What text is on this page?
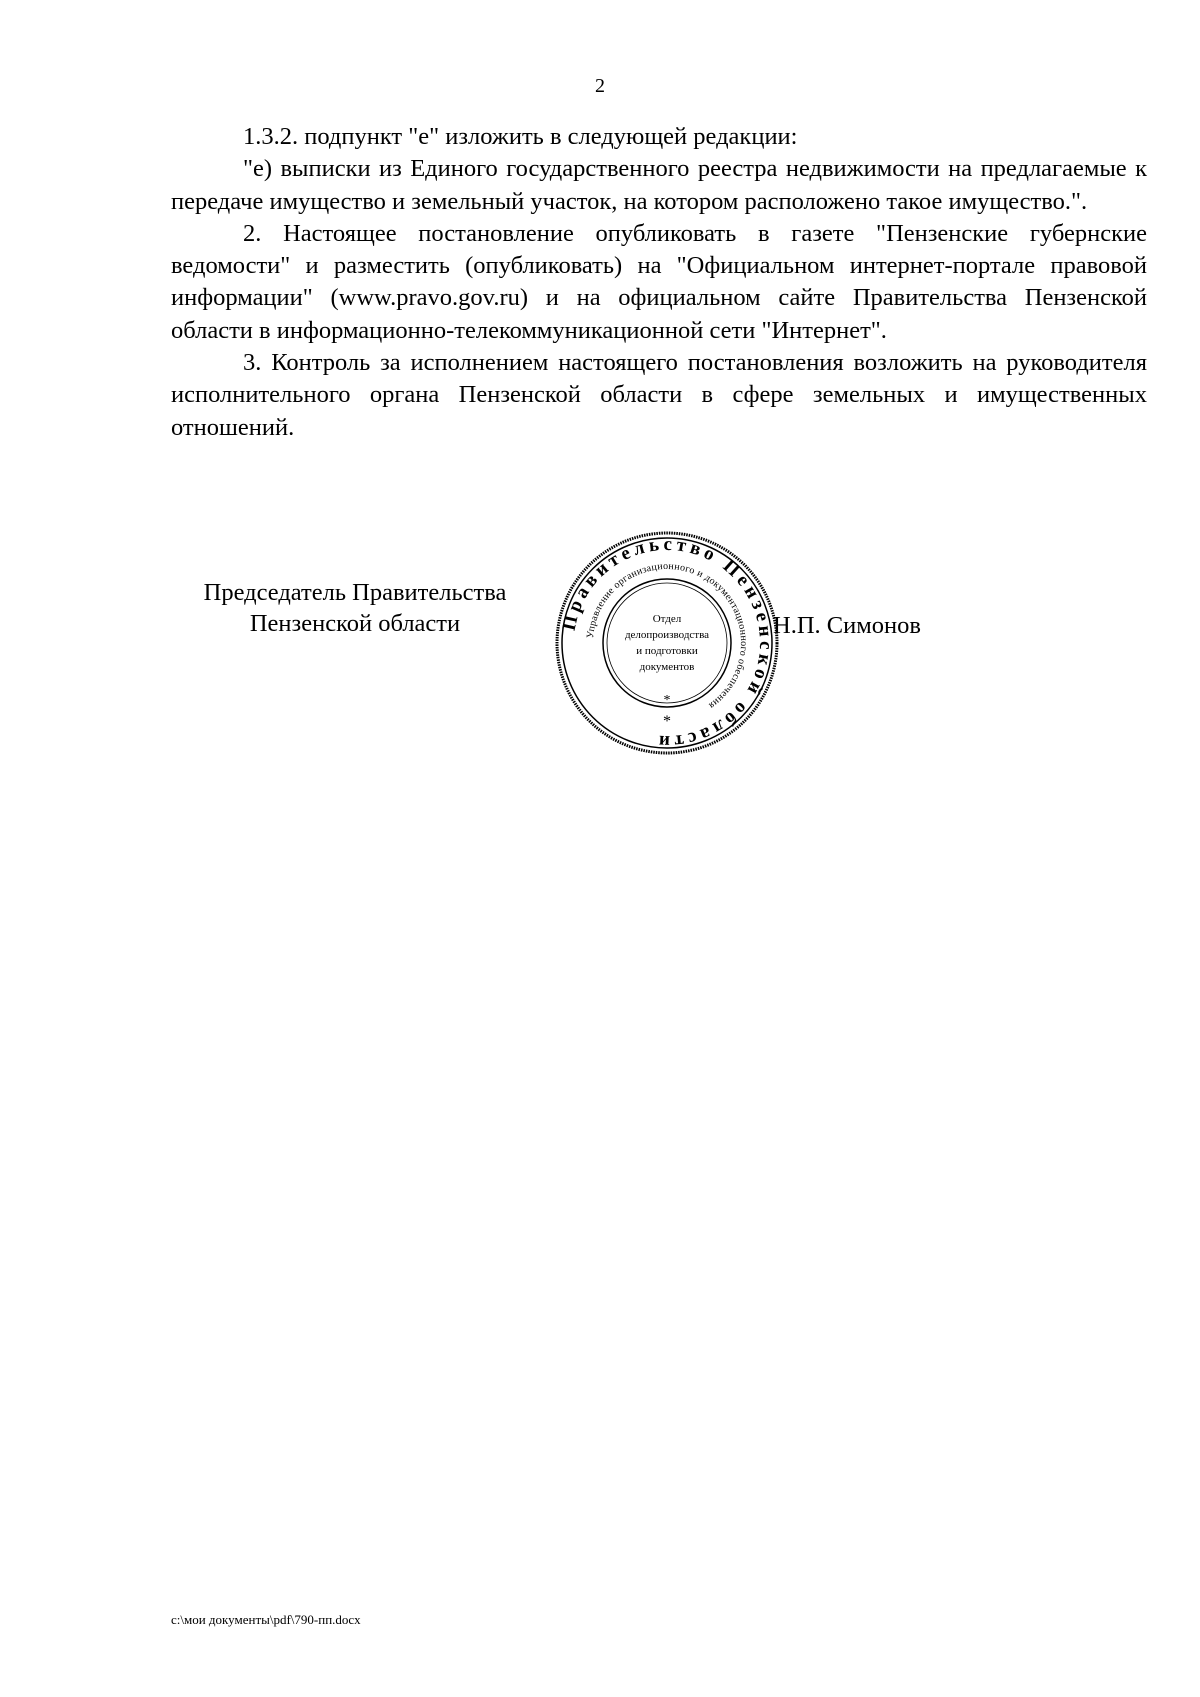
2

1.3.2. подпункт "е" изложить в следующей редакции:

"е) выписки из Единого государственного реестра недвижимости на предлагаемые к передаче имущество и земельный участок, на котором расположено такое имущество.".

2. Настоящее постановление опубликовать в газете "Пензенские губернские ведомости" и разместить (опубликовать) на "Официальном интернет-портале правовой информации" (www.pravo.gov.ru) и на официальном сайте Правительства Пензенской области в информационно-телекоммуникационной сети "Интернет".

3. Контроль за исполнением настоящего постановления возложить на руководителя исполнительного органа Пензенской области в сфере земельных и имущественных отношений.

Председатель Правительства
Пензенской области	Правительство Пензенской области
Управление организационного и документационного обеспечения
Отдел
делопроизводства
и подготовки
документов
*
*
Н.П. Симонов
c:\мои документы\pdf\790-пп.docx
